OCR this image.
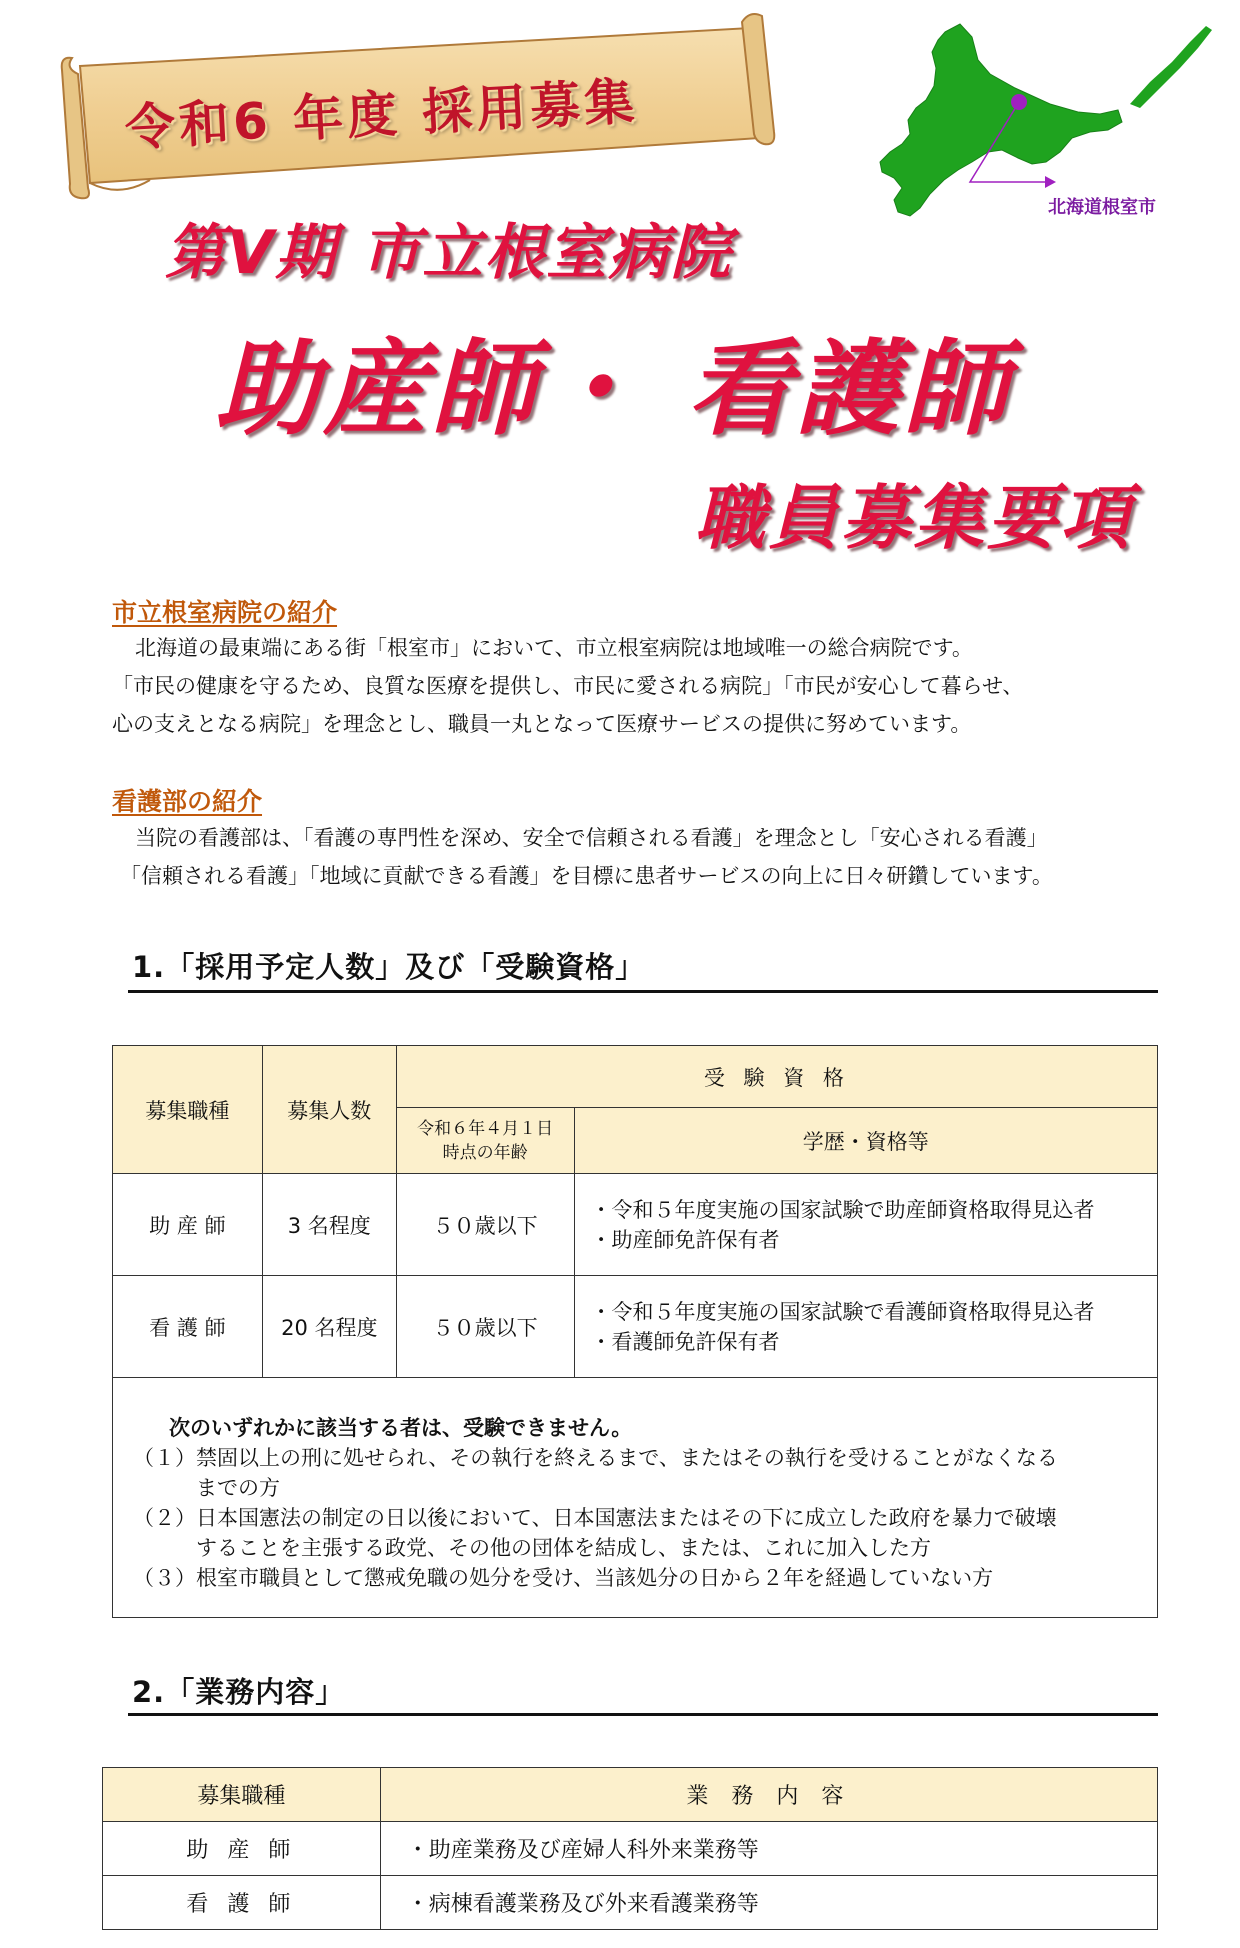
令和6 年度 採用募集
北海道根室市
第Ⅴ期 市立根室病院
助産師・ 看護師
職員募集要項
市立根室病院の紹介
北海道の最東端にある街「根室市」において、市立根室病院は地域唯一の総合病院です。
「市民の健康を守るため、良質な医療を提供し、市民に愛される病院」「市民が安心して暮らせ、
心の支えとなる病院」を理念とし、職員一丸となって医療サービスの提供に努めています。
看護部の紹介
当院の看護部は、「看護の専門性を深め、安全で信頼される看護」を理念とし「安心される看護」
「信頼される看護」「地域に貢献できる看護」を目標に患者サービスの向上に日々研鑽しています。
1.「採用予定人数」及び「受験資格」
募集職種	募集人数	受 験 資 格	

		令和６年４月１日
時点の年齢	学歴・資格等
助 産 師	3 名程度	５０歳以下	・令和５年度実施の国家試験で助産師資格取得見込者
・助産師免許保有者

看 護 師	20 名程度	５０歳以下	・令和５年度実施の国家試験で看護師資格取得見込者
・看護師免許保有者
次のいずれかに該当する者は、受験できません。
（１）禁固以上の刑に処せられ、その執行を終えるまで、またはその執行を受けることがなくなる
　　　までの方
（２）日本国憲法の制定の日以後において、日本国憲法またはその下に成立した政府を暴力で破壊
　　　することを主張する政党、その他の団体を結成し、または、これに加入した方
（３）根室市職員として懲戒免職の処分を受け、当該処分の日から２年を経過していない方
2.「業務内容」
募集職種	業 務 内 容
助 産 師	・助産業務及び産婦人科外来業務等
看 護 師	・病棟看護業務及び外来看護業務等
